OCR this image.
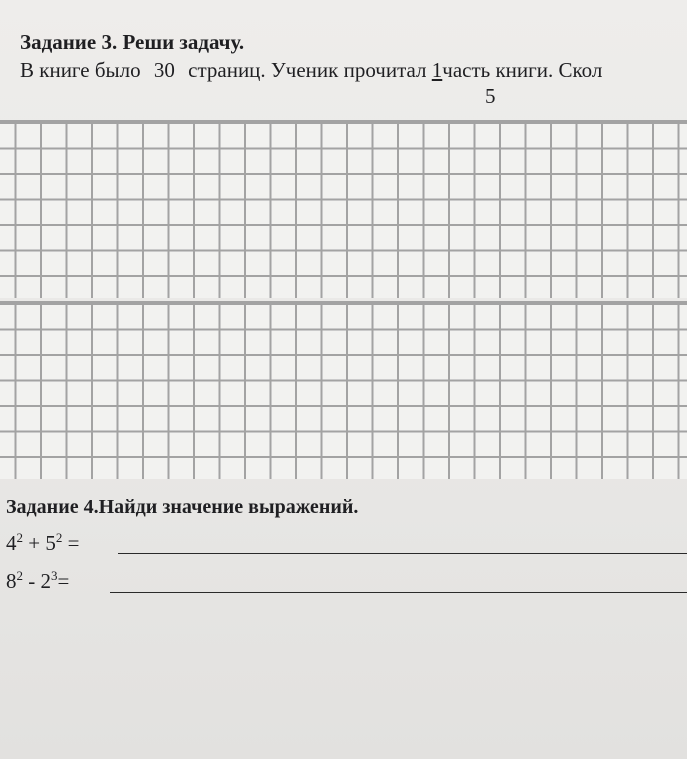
Задание 3. Реши задачу.
В книге было 30 страниц. Ученик прочитал 1часть книги. Скол
5
Задание 4.Найди значение выражений.
$4^2 + 5^2$ =
$8^2 - 2^3=$
